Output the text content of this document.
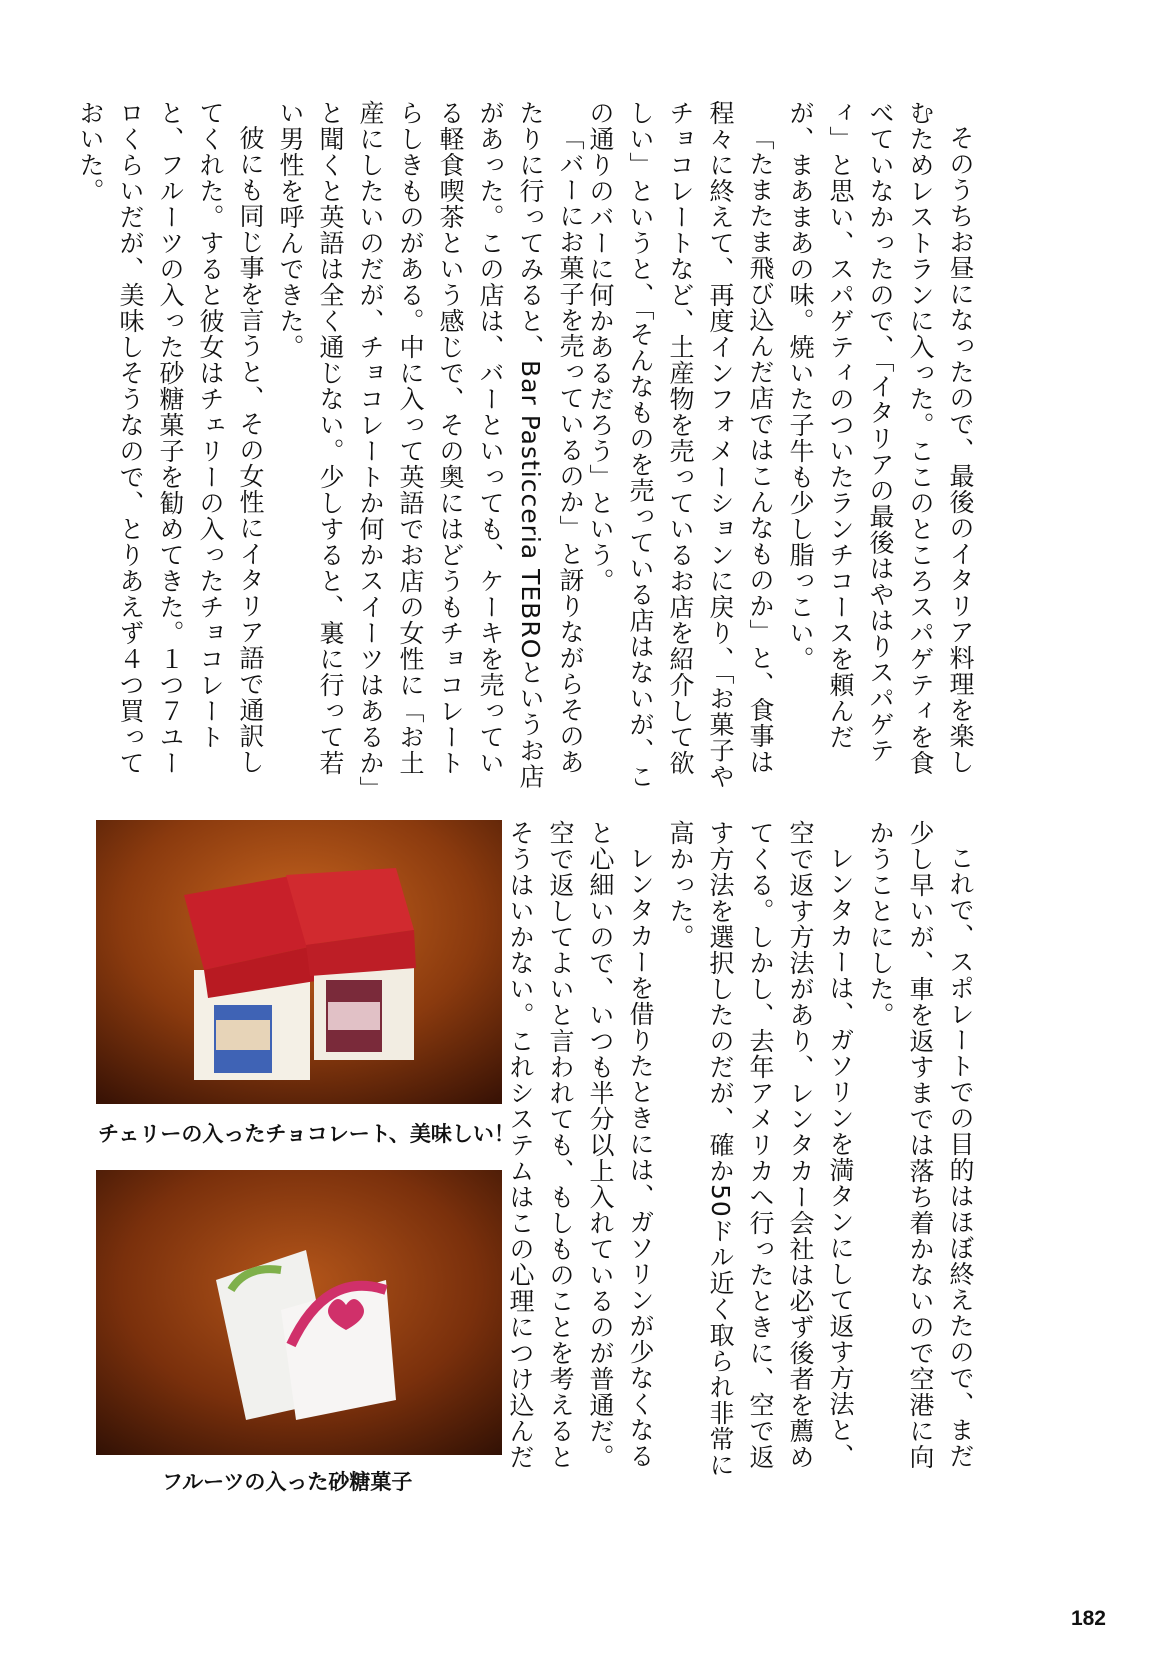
そのうちお昼になったので、最後のイタリア料理を楽しむためレストランに入った。ここのところスパゲティを食べていなかったので、「イタリアの最後はやはりスパゲティ」と思い、スパゲティのついたランチコースを頼んだが、まあまあの味。焼いた子牛も少し脂っこい。

「たまたま飛び込んだ店ではこんなものか」と、食事は程々に終えて、再度インフォメーションに戻り、「お菓子やチョコレートなど、土産物を売っているお店を紹介して欲しい」というと、「そんなものを売っている店はないが、この通りのバーに何かあるだろう」という。

「バーにお菓子を売っているのか」と訝りながらそのあたりに行ってみると、Bar Pasticceria TEBROというお店があった。この店は、バーといっても、ケーキを売っている軽食喫茶という感じで、その奥にはどうもチョコレートらしきものがある。中に入って英語でお店の女性に「お土産にしたいのだが、チョコレートか何かスイーツはあるか」と聞くと英語は全く通じない。少しすると、裏に行って若い男性を呼んできた。

彼にも同じ事を言うと、その女性にイタリア語で通訳してくれた。すると彼女はチェリーの入ったチョコレートと、フルーツの入った砂糖菓子を勧めてきた。１つ７ユーロくらいだが、美味しそうなので、とりあえず４つ買っておいた。

これで、スポレートでの目的はほぼ終えたので、まだ少し早いが、車を返すまでは落ち着かないので空港に向かうことにした。

レンタカーは、ガソリンを満タンにして返す方法と、空で返す方法があり、レンタカー会社は必ず後者を薦めてくる。しかし、去年アメリカへ行ったときに、空で返す方法を選択したのだが、確か50ドル近く取られ非常に高かった。

レンタカーを借りたときには、ガソリンが少なくなると心細いので、いつも半分以上入れているのが普通だ。空で返してよいと言われても、もしものことを考えるとそうはいかない。これシステムはこの心理につけ込んだ

チェリーの入ったチョコレート、美味しい！
フルーツの入った砂糖菓子
182
